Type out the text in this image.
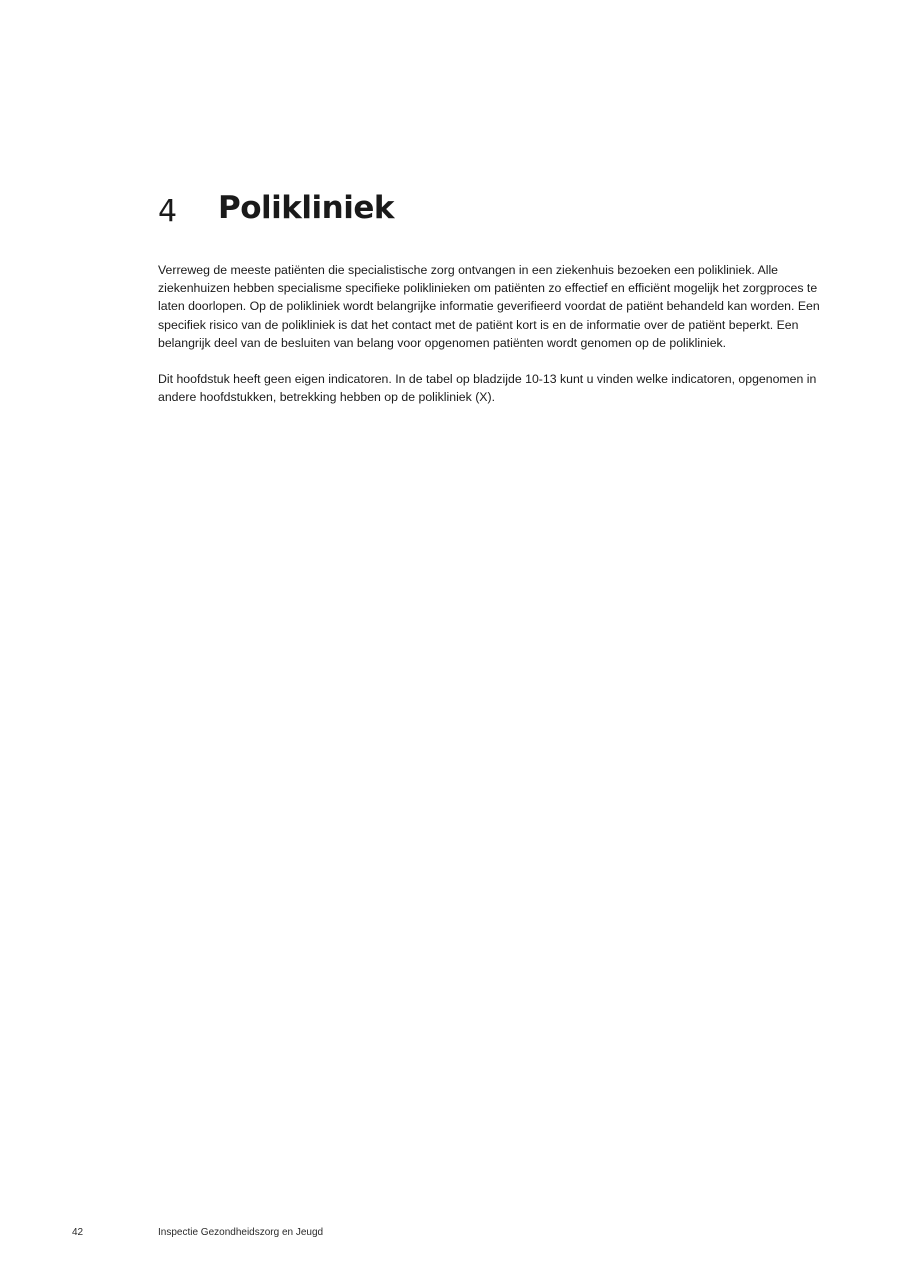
4 Polikliniek

Verreweg de meeste patiënten die specialistische zorg ontvangen in een ziekenhuis bezoeken een polikliniek. Alle ziekenhuizen hebben specialisme specifieke poliklinieken om patiënten zo effectief en efficiënt mogelijk het zorgproces te laten doorlopen. Op de polikliniek wordt belangrijke informatie geverifieerd voordat de patiënt behandeld kan worden. Een specifiek risico van de polikliniek is dat het contact met de patiënt kort is en de informatie over de patiënt beperkt. Een belangrijk deel van de besluiten van belang voor opgenomen patiënten wordt genomen op de polikliniek.

Dit hoofdstuk heeft geen eigen indicatoren. In de tabel op bladzijde 10-13 kunt u vinden welke indicatoren, opgenomen in andere hoofdstukken, betrekking hebben op de polikliniek (X).

42	Inspectie Gezondheidszorg en Jeugd
